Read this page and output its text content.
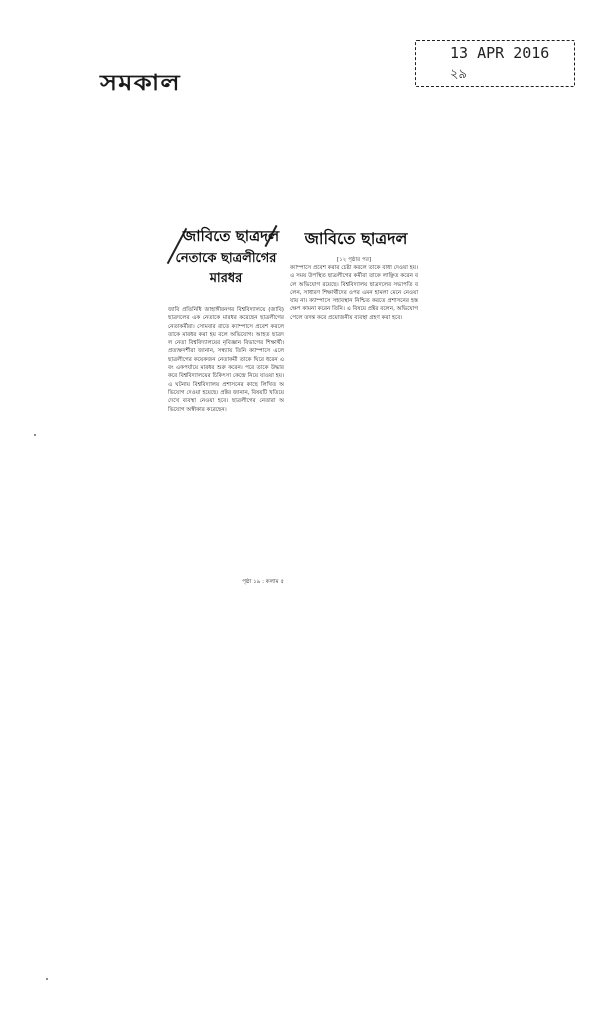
সমকাল
13 APR 2016
২৯
জাবিতে ছাত্রদল
নেতাকে ছাত্রলীগের
মারধর
জাবি প্রতিনিধি জাহাঙ্গীরনগর বিশ্ববিদ্যালয়ে (জাবি) ছাত্রদলের এক নেতাকে মারধর করেছেন ছাত্রলীগের নেতাকর্মীরা। সোমবার রাতে ক্যাম্পাসে প্রবেশ করলে তাকে মারধর করা হয় বলে অভিযোগ। আহত ছাত্রদল নেতা বিশ্ববিদ্যালয়ের নৃবিজ্ঞান বিভাগের শিক্ষার্থী। প্রত্যক্ষদর্শীরা জানান, সন্ধ্যায় তিনি ক্যাম্পাসে এলে ছাত্রলীগের কয়েকজন নেতাকর্মী তাকে ঘিরে ধরেন এবং একপর্যায়ে মারধর শুরু করেন। পরে তাকে উদ্ধার করে বিশ্ববিদ্যালয়ের চিকিৎসা কেন্দ্রে নিয়ে যাওয়া হয়। এ ঘটনায় বিশ্ববিদ্যালয় প্রশাসনের কাছে লিখিত অভিযোগ দেওয়া হয়েছে। প্রক্টর জানান, বিষয়টি খতিয়ে দেখে ব্যবস্থা নেওয়া হবে। ছাত্রলীগের নেতারা অভিযোগ অস্বীকার করেছেন।
পৃষ্ঠা ১৯ : কলাম ৫
জাবিতে ছাত্রদল
[১২ পৃষ্ঠার পর]
ক্যাম্পাসে প্রবেশ করার চেষ্টা করলে তাকে বাধা দেওয়া হয়। এ সময় উপস্থিত ছাত্রলীগের কর্মীরা তাকে লাঞ্ছিত করেন বলে অভিযোগ রয়েছে। বিশ্ববিদ্যালয় ছাত্রদলের সভাপতি বলেন, সাধারণ শিক্ষার্থীদের ওপর এমন হামলা মেনে নেওয়া যায় না। ক্যাম্পাসে সহাবস্থান নিশ্চিত করতে প্রশাসনের হস্তক্ষেপ কামনা করেন তিনি। এ বিষয়ে প্রক্টর বলেন, অভিযোগ পেলে তদন্ত করে প্রয়োজনীয় ব্যবস্থা গ্রহণ করা হবে।
